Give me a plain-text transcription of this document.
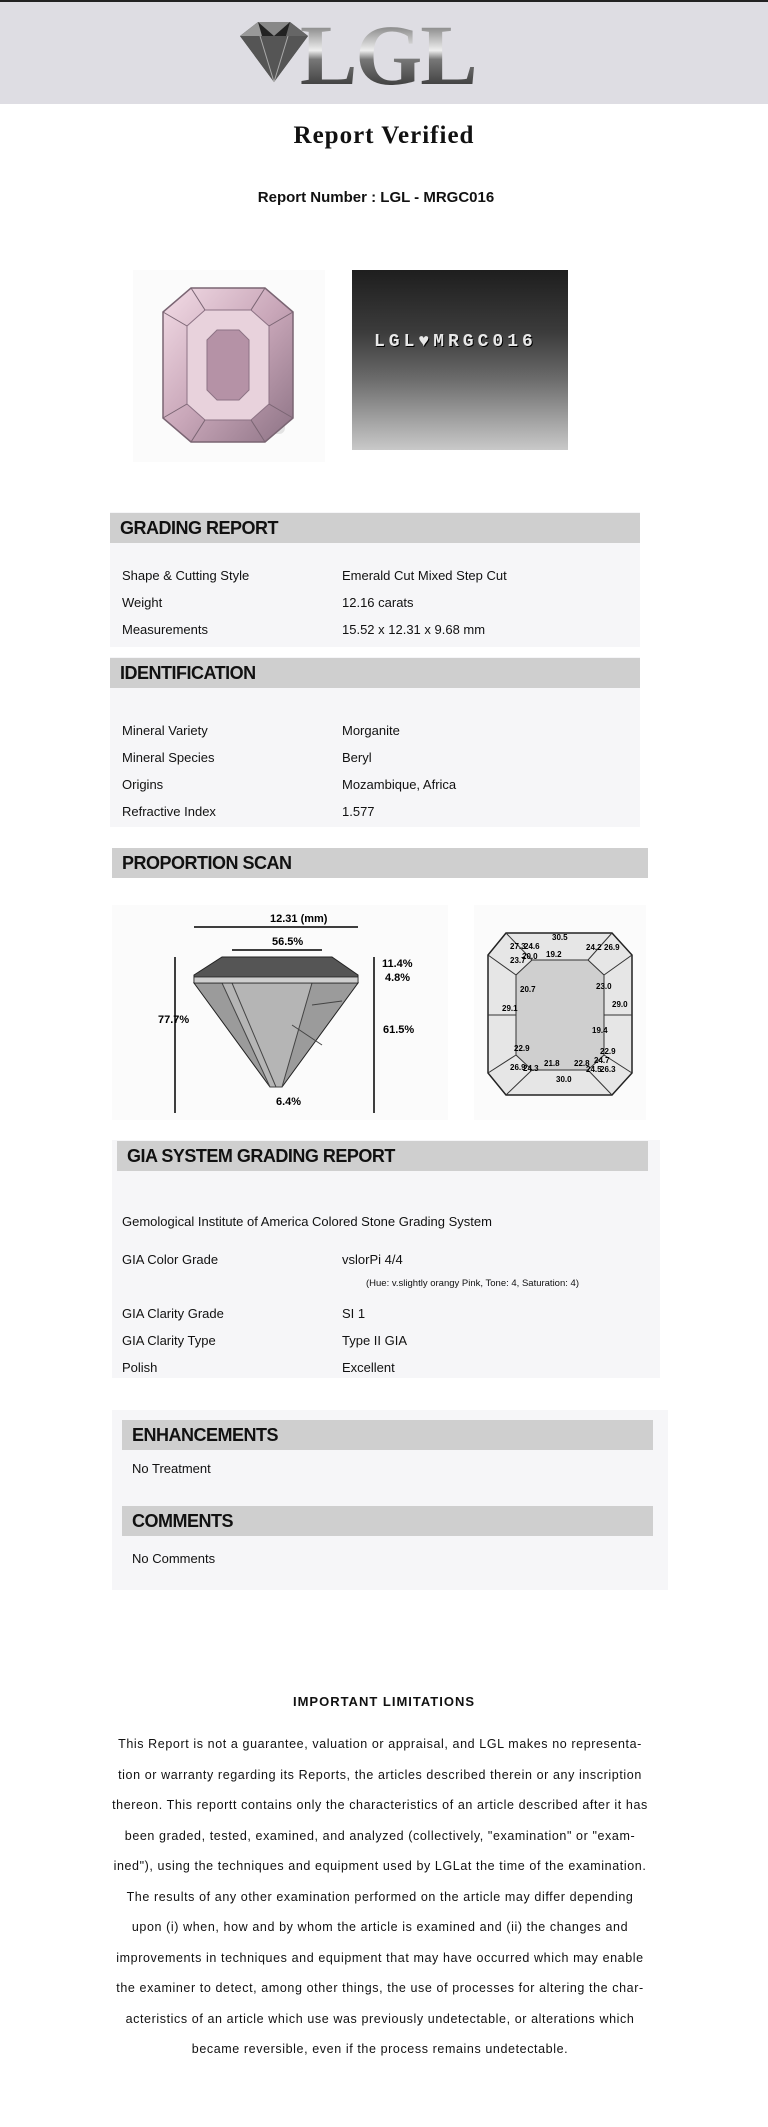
LGL
Report Verified
Report Number : LGL - MRGC016
LGL♥MRGC016
GRADING REPORT
Shape & Cutting Style	Emerald Cut Mixed Step Cut
Weight	12.16 carats
Measurements	15.52 x 12.31 x 9.68 mm
IDENTIFICATION
Mineral Variety	Morganite
Mineral Species	Beryl
Origins	Mozambique, Africa
Refractive Index	1.577
PROPORTION SCAN
12.31 (mm)
56.5%
11.4%
4.8%
77.7%
61.5%
6.4%
27.3
24.6
30.5
24.2 26.9
23.7
20.0 19.2
20.7	23.0
29.1	29.0
19.4
22.9	22.9
24.7
26.9
24.3
21.8 22.8
24.5
26.3
30.0
GIA SYSTEM GRADING REPORT
Gemological Institute of America Colored Stone Grading System
GIA Color Grade	vslorPi 4/4
(Hue: v.slightly orangy Pink, Tone: 4, Saturation: 4)
GIA Clarity Grade	SI 1
GIA Clarity Type	Type II GIA
Polish	Excellent
ENHANCEMENTS
No Treatment
COMMENTS
No Comments
IMPORTANT LIMITATIONS
This Report is not a guarantee, valuation or appraisal, and LGL makes no representa-
tion or warranty regarding its Reports, the articles described therein or any inscription
thereon. This reportt contains only the characteristics of an article described after it has
been graded, tested, examined, and analyzed (collectively, "examination" or "exam-
ined"), using the techniques and equipment used by LGLat the time of the examination.
The results of any other examination performed on the article may differ depending
upon (i) when, how and by whom the article is examined and (ii) the changes and
improvements in techniques and equipment that may have occurred which may enable
the examiner to detect, among other things, the use of processes for altering the char-
acteristics of an article which use was previously undetectable, or alterations which
became reversible, even if the process remains undetectable.
